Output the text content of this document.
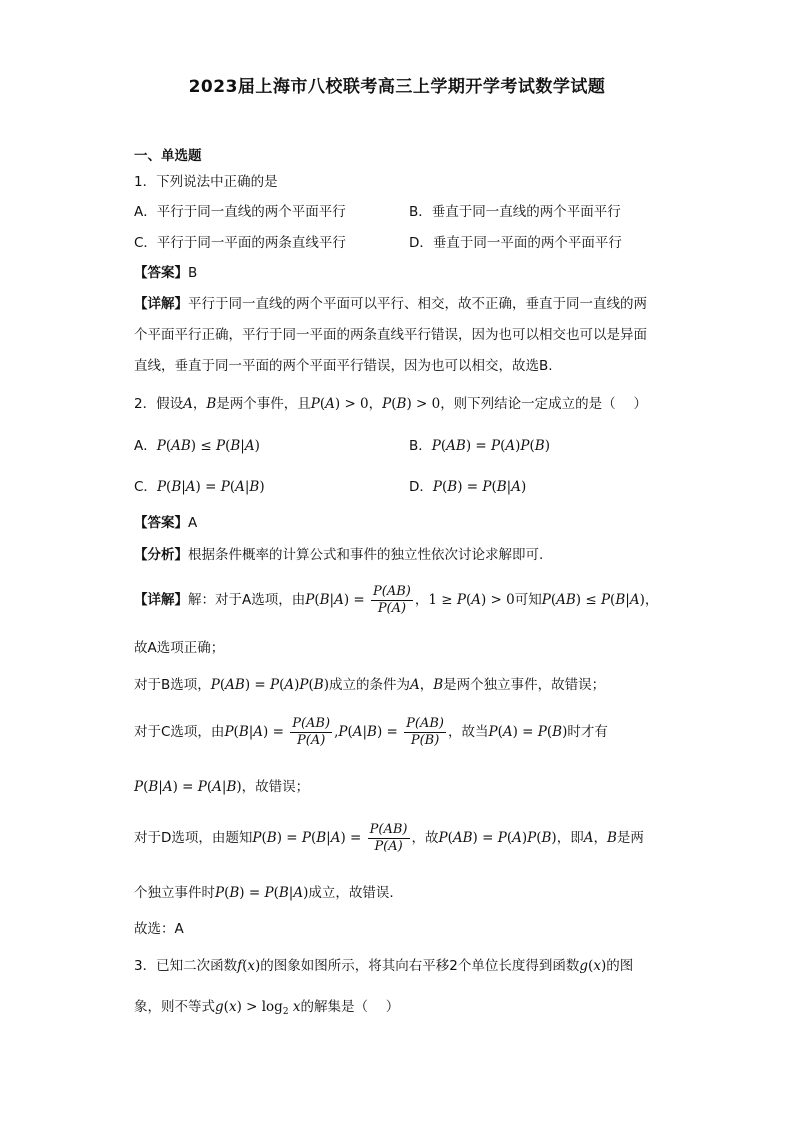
2023届上海市八校联考高三上学期开学考试数学试题
一、单选题
1．下列说法中正确的是
A．平行于同一直线的两个平面平行	B．垂直于同一直线的两个平面平行
C．平行于同一平面的两条直线平行	D．垂直于同一平面的两个平面平行
【答案】B
【详解】平行于同一直线的两个平面可以平行、相交，故不正确，垂直于同一直线的两
个平面平行正确，平行于同一平面的两条直线平行错误，因为也可以相交也可以是异面
直线，垂直于同一平面的两个平面平行错误，因为也可以相交，故选B.
2．假设A，B是两个事件，且P(A) > 0，P(B) > 0，则下列结论一定成立的是（　 ）
A．P(AB) ≤ P(B|A)	B．P(AB) = P(A)P(B)
C．P(B|A) = P(A|B)	D．P(B) = P(B|A)
【答案】A
【分析】根据条件概率的计算公式和事件的独立性依次讨论求解即可.
【详解】解：对于A选项，由$P(B|A) = \frac{P(AB)}{P(A)}$ ，1 ≥ P(A) > 0可知P(AB) ≤ P(B|A)，
故A选项正确；
对于B选项，P(AB) = P(A)P(B)成立的条件为A，B是两个独立事件，故错误；
对于C选项，由$P(B|A) = \frac{P(AB)}{P(A)} ,P(A|B) = \frac{P(AB)}{P(B)}$ ，故当P(A) = P(B)时才有
P(B|A) = P(A|B)，故错误；
对于D选项，由题知$P(B) = P(B|A) = \frac{P(AB)}{P(A)}$ ，故P(AB) = P(A)P(B)，即A，B是两
个独立事件时P(B) = P(B|A)成立，故错误.
故选：A
3．已知二次函数f(x)的图象如图所示，将其向右平移2个单位长度得到函数g(x)的图
象，则不等式$g(x) > \log_2 x$的解集是（　 ）
